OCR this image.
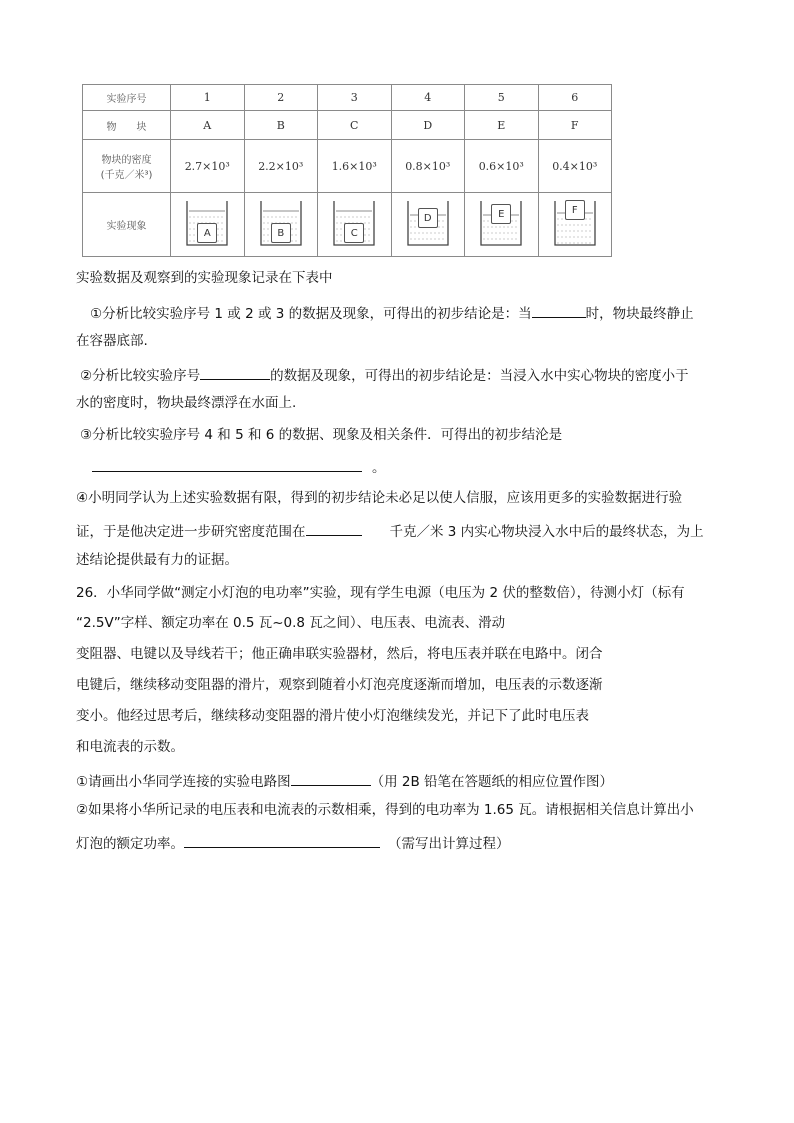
实验序号	1	2	3	4	5	6
物　　块	A	B	C	D	E	F

物块的密度
(千克／米³)	2.7×10³	2.2×10³	1.6×10³	0.8×10³	0.6×10³	0.4×10³
实验现象	A	B	C	D	E	F
实验数据及观察到的实验现象记录在下表中
①分析比较实验序号 1 或 2 或 3 的数据及现象，可得出的初步结论是：当	时，物块最终静止
在容器底部.
②分析比较实验序号	的数据及现象，可得出的初步结论是：当浸入水中实心物块的密度小于
水的密度时，物块最终漂浮在水面上.
③分析比较实验序号 4 和 5 和 6 的数据、现象及相关条件．可得出的初步结沦是
。
④小明同学认为上述实验数据有限，得到的初步结论未必足以使人信服，应该用更多的实验数据进行验
证，于是他决定进一步研究密度范围在	千克／米 3 内实心物块浸入水中后的最终状态，为上
述结论提供最有力的证据。
26．小华同学做“测定小灯泡的电功率”实验，现有学生电源（电压为 2 伏的整数倍），待测小灯（标有
“2.5V”字样、额定功率在 0.5 瓦~0.8 瓦之间）、电压表、电流表、滑动
变阻器、电键以及导线若干；他正确串联实验器材，然后，将电压表并联在电路中。闭合
电键后，继续移动变阻器的滑片，观察到随着小灯泡亮度逐渐而增加，电压表的示数逐渐
变小。他经过思考后，继续移动变阻器的滑片使小灯泡继续发光，并记下了此时电压表
和电流表的示数。
①请画出小华同学连接的实验电路图	（用 2B 铅笔在答题纸的相应位置作图）
②如果将小华所记录的电压表和电流表的示数相乘，得到的电功率为 1.65 瓦。请根据相关信息计算出小
灯泡的额定功率。	（需写出计算过程）
